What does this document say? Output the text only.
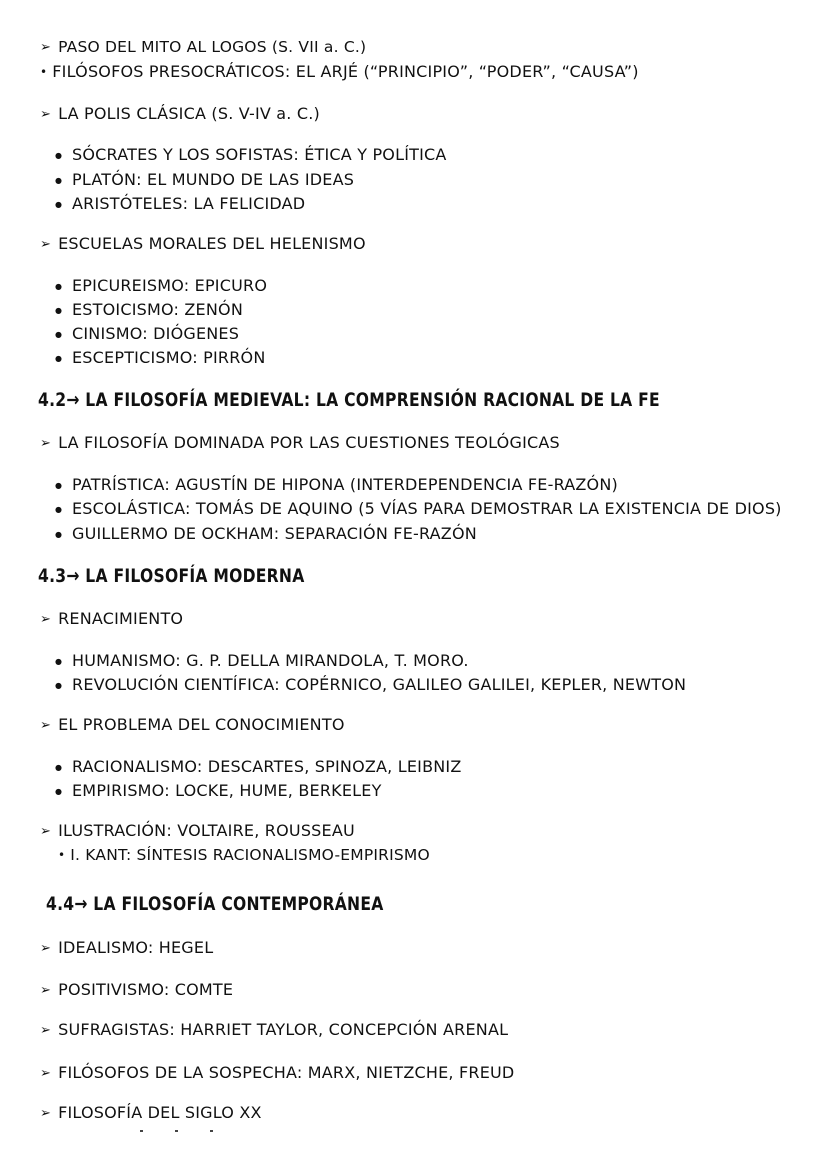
➢ PASO DEL MITO AL LOGOS (S. VII a. C.)
• FILÓSOFOS PRESOCRÁTICOS: EL ARJÉ (“PRINCIPIO”, “PODER”, “CAUSA”)
➢ LA POLIS CLÁSICA (S. V-IV a. C.)
● SÓCRATES Y LOS SOFISTAS: ÉTICA Y POLÍTICA
● PLATÓN: EL MUNDO DE LAS IDEAS
● ARISTÓTELES: LA FELICIDAD
➢ ESCUELAS MORALES DEL HELENISMO
● EPICUREISMO: EPICURO
● ESTOICISMO: ZENÓN
● CINISMO: DIÓGENES
● ESCEPTICISMO: PIRRÓN
4.2→ LA FILOSOFÍA MEDIEVAL: LA COMPRENSIÓN RACIONAL DE LA FE
➢ LA FILOSOFÍA DOMINADA POR LAS CUESTIONES TEOLÓGICAS
● PATRÍSTICA: AGUSTÍN DE HIPONA (INTERDEPENDENCIA FE-RAZÓN)
● ESCOLÁSTICA: TOMÁS DE AQUINO (5 VÍAS PARA DEMOSTRAR LA EXISTENCIA DE DIOS)
● GUILLERMO DE OCKHAM: SEPARACIÓN FE-RAZÓN
4.3→ LA FILOSOFÍA MODERNA
➢ RENACIMIENTO
● HUMANISMO: G. P. DELLA MIRANDOLA, T. MORO.
● REVOLUCIÓN CIENTÍFICA: COPÉRNICO, GALILEO GALILEI, KEPLER, NEWTON
➢ EL PROBLEMA DEL CONOCIMIENTO
● RACIONALISMO: DESCARTES, SPINOZA, LEIBNIZ
● EMPIRISMO: LOCKE, HUME, BERKELEY
➢ ILUSTRACIÓN: VOLTAIRE, ROUSSEAU
• I. KANT: SÍNTESIS RACIONALISMO-EMPIRISMO
4.4→ LA FILOSOFÍA CONTEMPORÁNEA
➢ IDEALISMO: HEGEL
➢ POSITIVISMO: COMTE
➢ SUFRAGISTAS: HARRIET TAYLOR, CONCEPCIÓN ARENAL
➢ FILÓSOFOS DE LA SOSPECHA: MARX, NIETZCHE, FREUD
➢ FILOSOFÍA DEL SIGLO XX
